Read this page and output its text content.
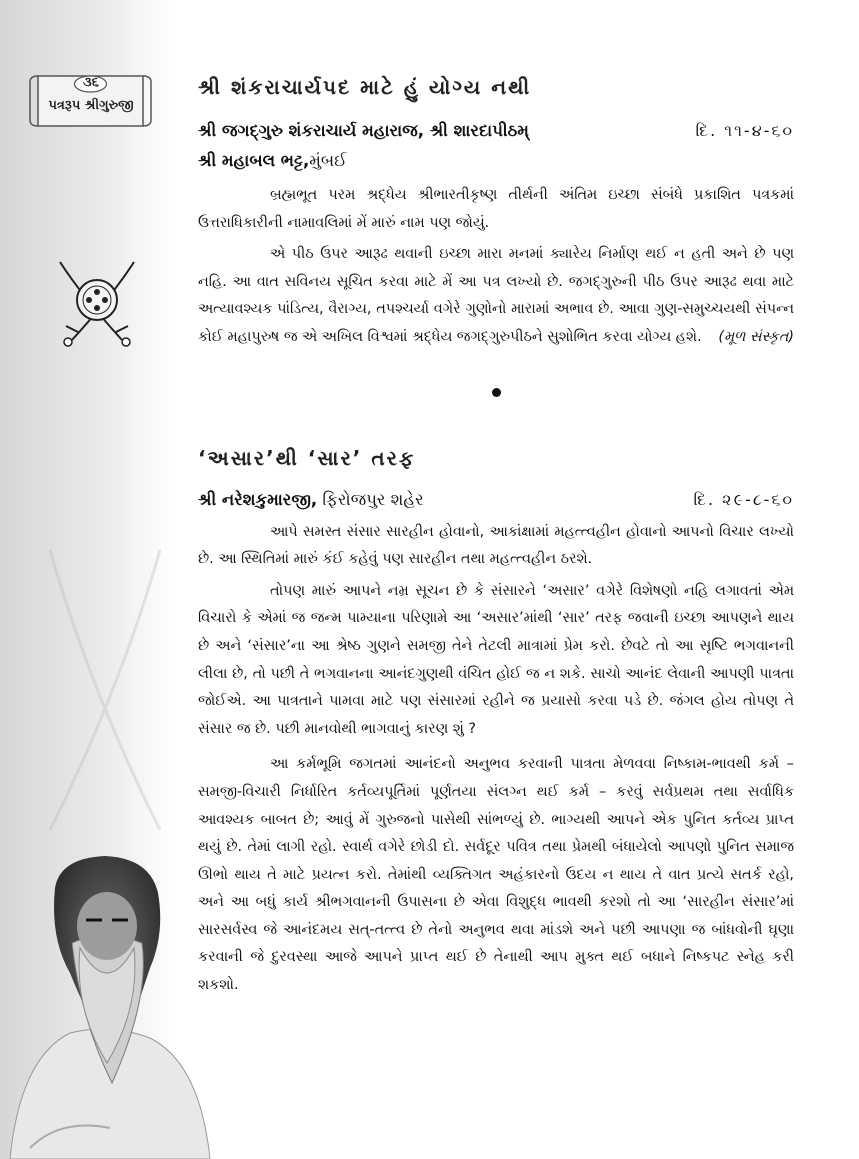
૩૬
પત્રરૂપ શ્રીગુરુજી
શ્રી શંકરાચાર્યપદ માટે હું યોગ્ય નથી
શ્રી જગદ્ગુરુ શંકરાચાર્ય મહારાજ, શ્રી શારદાપીઠમ્	દિ. ૧૧-૪-૬૦
શ્રી મહાબલ ભટ્ટ, મુંબઈ

બ્રહ્મભૂત પરમ શ્રદ્ધેય શ્રીભારતીકૃષ્ણ તીર્થની અંતિમ ઇચ્છા સંબંધે પ્રકાશિત પત્રકમાં ઉત્તરાધિકારીની નામાવલિમાં મેં મારું નામ પણ જોયું.

એ પીઠ ઉપર આરૂઢ થવાની ઇચ્છા મારા મનમાં ક્યારેય નિર્માણ થઈ ન હતી અને છે પણ નહિ. આ વાત સવિનય સૂચિત કરવા માટે મેં આ પત્ર લખ્યો છે. જગદ્ગુરુની પીઠ ઉપર આરૂઢ થવા માટે અત્યાવશ્યક પાંડિત્ય, વૈરાગ્ય, તપશ્ચર્યા વગેરે ગુણોનો મારામાં અભાવ છે. આવા ગુણ-સમુચ્ચયથી સંપન્ન કોઈ મહાપુરુષ જ એ અખિલ વિશ્વમાં શ્રદ્ધેય જગદ્ગુરુપીઠને સુશોભિત કરવા યોગ્ય હશે.	(મૂળ સંસ્કૃત)
‘અસાર’થી ‘સાર’ તરફ
શ્રી નરેશકુમારજી, ફિરોજપુર શહેર	દિ. ૨૯-૮-૬૦

આપે સમસ્ત સંસાર સારહીન હોવાનો, આકાંક્ષામાં મહત્ત્વહીન હોવાનો આપનો વિચાર લખ્યો છે. આ સ્થિતિમાં મારું કંઈ કહેવું પણ સારહીન તથા મહત્ત્વહીન ઠરશે.

તોપણ મારું આપને નમ્ર સૂચન છે કે સંસારને ‘અસાર’ વગેરે વિશેષણો નહિ લગાવતાં એમ વિચારો કે એમાં જ જન્મ પામ્યાના પરિણામે આ ‘અસાર’માંથી ‘સાર’ તરફ જવાની ઇચ્છા આપણને થાય છે અને ‘સંસાર’ના આ શ્રેષ્ઠ ગુણને સમજી તેને તેટલી માત્રામાં પ્રેમ કરો. છેવટે તો આ સૃષ્ટિ ભગવાનની લીલા છે, તો પછી તે ભગવાનના આનંદગુણથી વંચિત હોઈ જ ન શકે. સાચો આનંદ લેવાની આપણી પાત્રતા જોઈએ. આ પાત્રતાને પામવા માટે પણ સંસારમાં રહીને જ પ્રયાસો કરવા પડે છે. જંગલ હોય તોપણ તે સંસાર જ છે. પછી માનવોથી ભાગવાનું કારણ શું ?

આ કર્મભૂમિ જગતમાં આનંદનો અનુભવ કરવાની પાત્રતા મેળવવા નિષ્કામ-ભાવથી કર્મ – સમજી-વિચારી નિર્ધારિત કર્તવ્યપૂર્તિમાં પૂર્ણતયા સંલગ્ન થઈ કર્મ – કરવું સર્વપ્રથમ તથા સર્વાધિક આવશ્યક બાબત છે; આવું મેં ગુરુજનો પાસેથી સાંભળ્યું છે. ભાગ્યથી આપને એક પુનિત કર્તવ્ય પ્રાપ્ત થયું છે. તેમાં લાગી રહો. સ્વાર્થ વગેરે છોડી દો. સર્વદૂર પવિત્ર તથા પ્રેમથી બંધાયેલો આપણો પુનિત સમાજ ઊભો થાય તે માટે પ્રયત્ન કરો. તેમાંથી વ્યક્તિગત અહંકારનો ઉદય ન થાય તે વાત પ્રત્યે સતર્ક રહો, અને આ બધું કાર્ય શ્રીભગવાનની ઉપાસના છે એવા વિશુદ્ધ ભાવથી કરશો તો આ ‘સારહીન સંસાર’માં સારસર્વસ્વ જે આનંદમય સત્-તત્ત્વ છે તેનો અનુભવ થવા માંડશે અને પછી આપણા જ બાંધવોની ઘૃણા કરવાની જે દુરવસ્થા આજે આપને પ્રાપ્ત થઈ છે તેનાથી આપ મુક્ત થઈ બધાને નિષ્કપટ સ્નેહ કરી શકશો.
